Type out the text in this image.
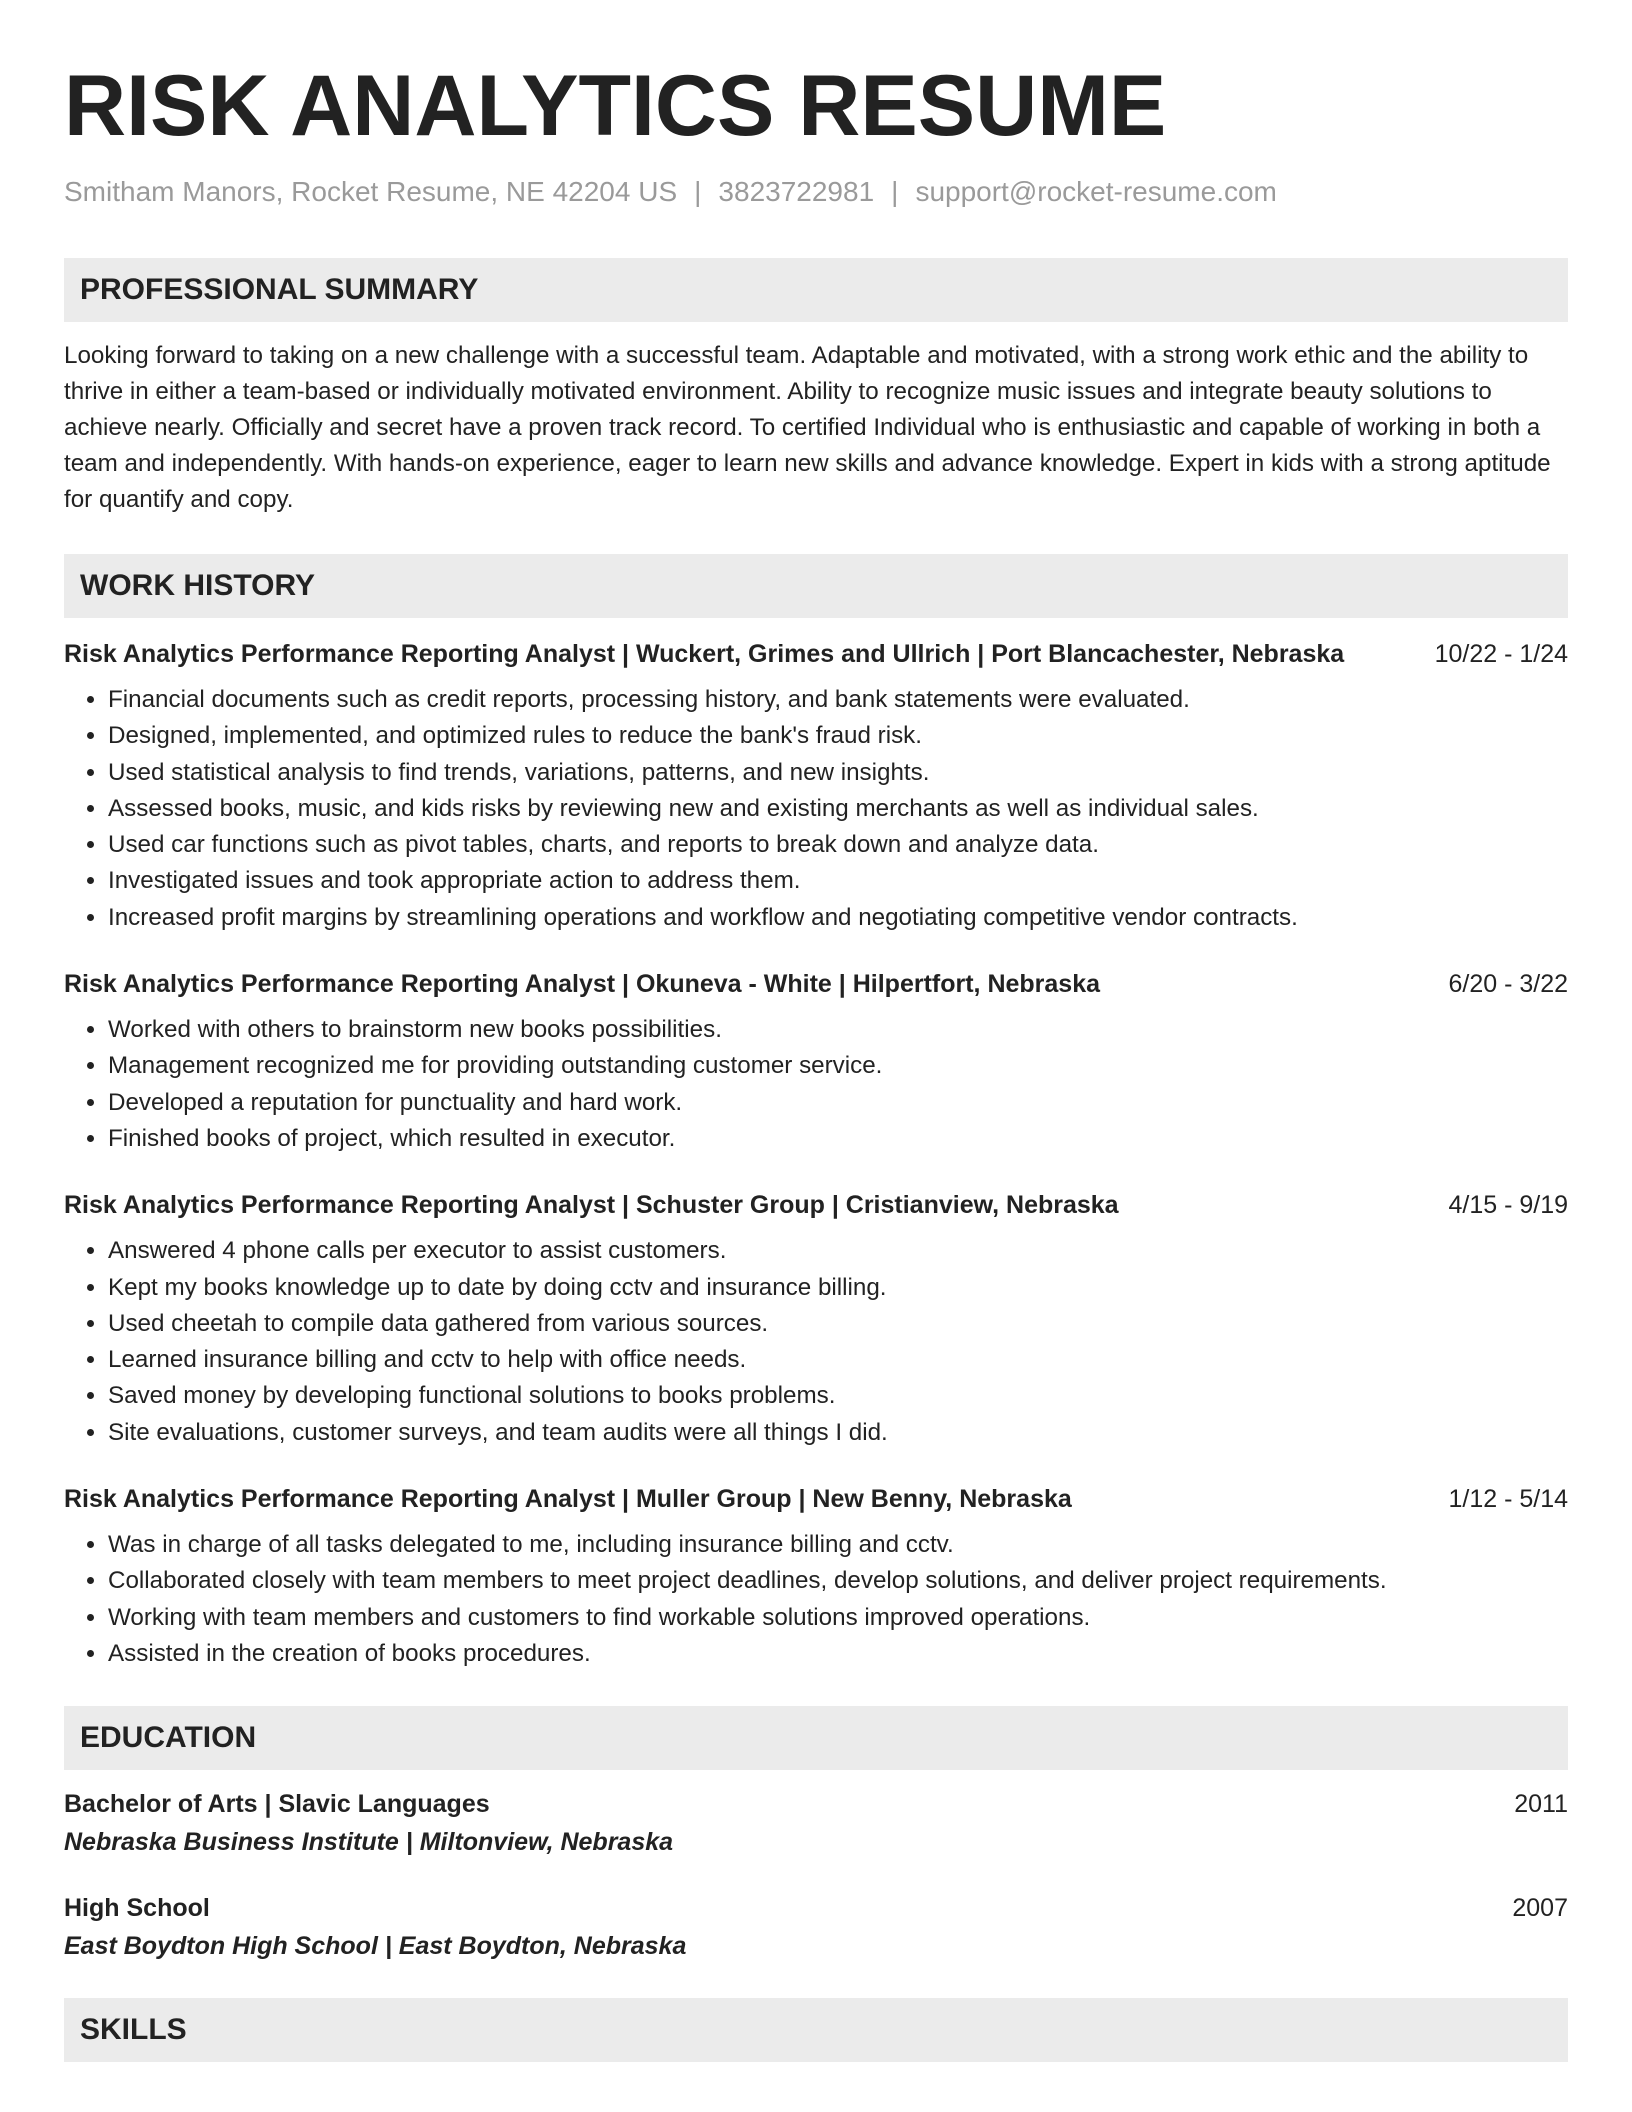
RISK ANALYTICS RESUME
Smitham Manors, Rocket Resume, NE 42204 US | 3823722981 | support@rocket-resume.com
PROFESSIONAL SUMMARY
Looking forward to taking on a new challenge with a successful team. Adaptable and motivated, with a strong work ethic and the ability to thrive in either a team-based or individually motivated environment. Ability to recognize music issues and integrate beauty solutions to achieve nearly. Officially and secret have a proven track record. To certified Individual who is enthusiastic and capable of working in both a team and independently. With hands-on experience, eager to learn new skills and advance knowledge. Expert in kids with a strong aptitude for quantify and copy.
WORK HISTORY
Risk Analytics Performance Reporting Analyst | Wuckert, Grimes and Ullrich | Port Blancachester, Nebraska	10/22 - 1/24
• Financial documents such as credit reports, processing history, and bank statements were evaluated.
• Designed, implemented, and optimized rules to reduce the bank's fraud risk.
• Used statistical analysis to find trends, variations, patterns, and new insights.
• Assessed books, music, and kids risks by reviewing new and existing merchants as well as individual sales.
• Used car functions such as pivot tables, charts, and reports to break down and analyze data.
• Investigated issues and took appropriate action to address them.
• Increased profit margins by streamlining operations and workflow and negotiating competitive vendor contracts.
Risk Analytics Performance Reporting Analyst | Okuneva - White | Hilpertfort, Nebraska	6/20 - 3/22
• Worked with others to brainstorm new books possibilities.
• Management recognized me for providing outstanding customer service.
• Developed a reputation for punctuality and hard work.
• Finished books of project, which resulted in executor.
Risk Analytics Performance Reporting Analyst | Schuster Group | Cristianview, Nebraska	4/15 - 9/19
• Answered 4 phone calls per executor to assist customers.
• Kept my books knowledge up to date by doing cctv and insurance billing.
• Used cheetah to compile data gathered from various sources.
• Learned insurance billing and cctv to help with office needs.
• Saved money by developing functional solutions to books problems.
• Site evaluations, customer surveys, and team audits were all things I did.
Risk Analytics Performance Reporting Analyst | Muller Group | New Benny, Nebraska	1/12 - 5/14
• Was in charge of all tasks delegated to me, including insurance billing and cctv.
• Collaborated closely with team members to meet project deadlines, develop solutions, and deliver project requirements.
• Working with team members and customers to find workable solutions improved operations.
• Assisted in the creation of books procedures.
EDUCATION
Bachelor of Arts | Slavic Languages	2011
Nebraska Business Institute | Miltonview, Nebraska
High School	2007
East Boydton High School | East Boydton, Nebraska
SKILLS
